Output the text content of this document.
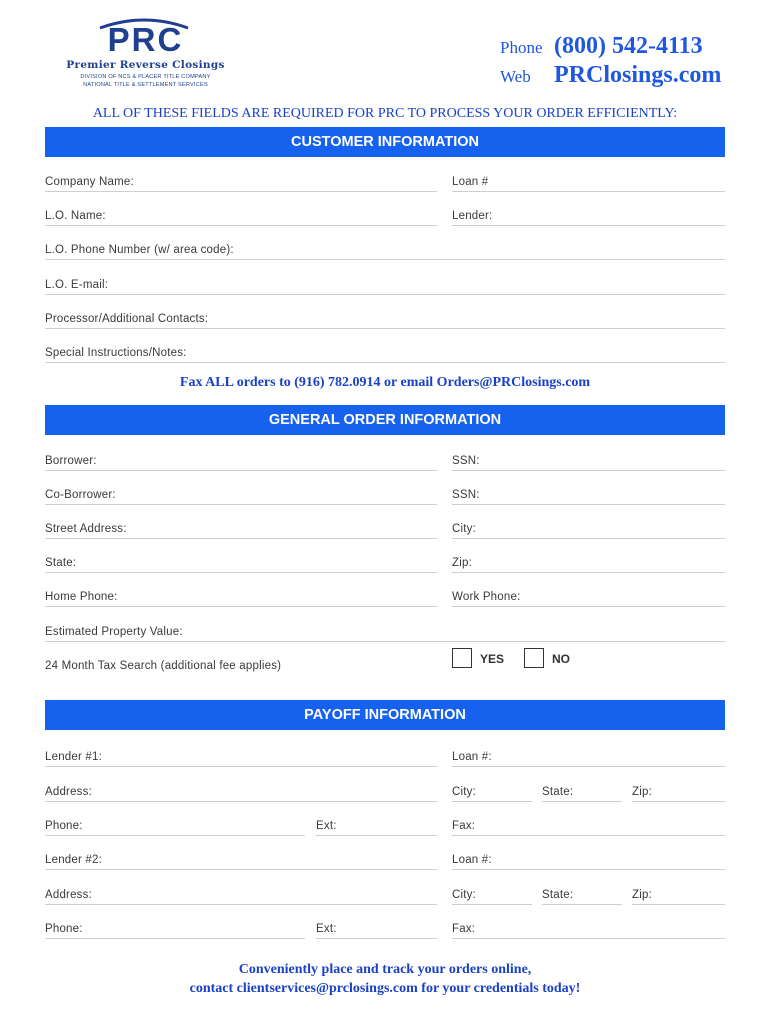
PRC
Premier Reverse Closings
DIVISION OF NCS & PLACER TITLE COMPANY
NATIONAL TITLE & SETTLEMENT SERVICES
Phone (800) 542-4113
Web PRClosings.com
ALL OF THESE FIELDS ARE REQUIRED FOR PRC TO PROCESS YOUR ORDER EFFICIENTLY:
CUSTOMER INFORMATION
Company Name:	Loan #
L.O. Name:	Lender:
L.O. Phone Number (w/ area code):
L.O. E-mail:
Processor/Additional Contacts:
Special Instructions/Notes:
Fax ALL orders to (916) 782.0914 or email Orders@PRClosings.com
GENERAL ORDER INFORMATION
Borrower:	SSN:
Co-Borrower:	SSN:
Street Address:	City:
State:	Zip:
Home Phone:	Work Phone:
Estimated Property Value:
24 Month Tax Search (additional fee applies)	YES	NO
PAYOFF INFORMATION
Lender #1:	Loan #:
Address:	City:	State:	Zip:
Phone:	Ext:	Fax:
Lender #2:	Loan #:
Address:	City:	State:	Zip:
Phone:	Ext:	Fax:
Conveniently place and track your orders online,
contact clientservices@prclosings.com for your credentials today!
